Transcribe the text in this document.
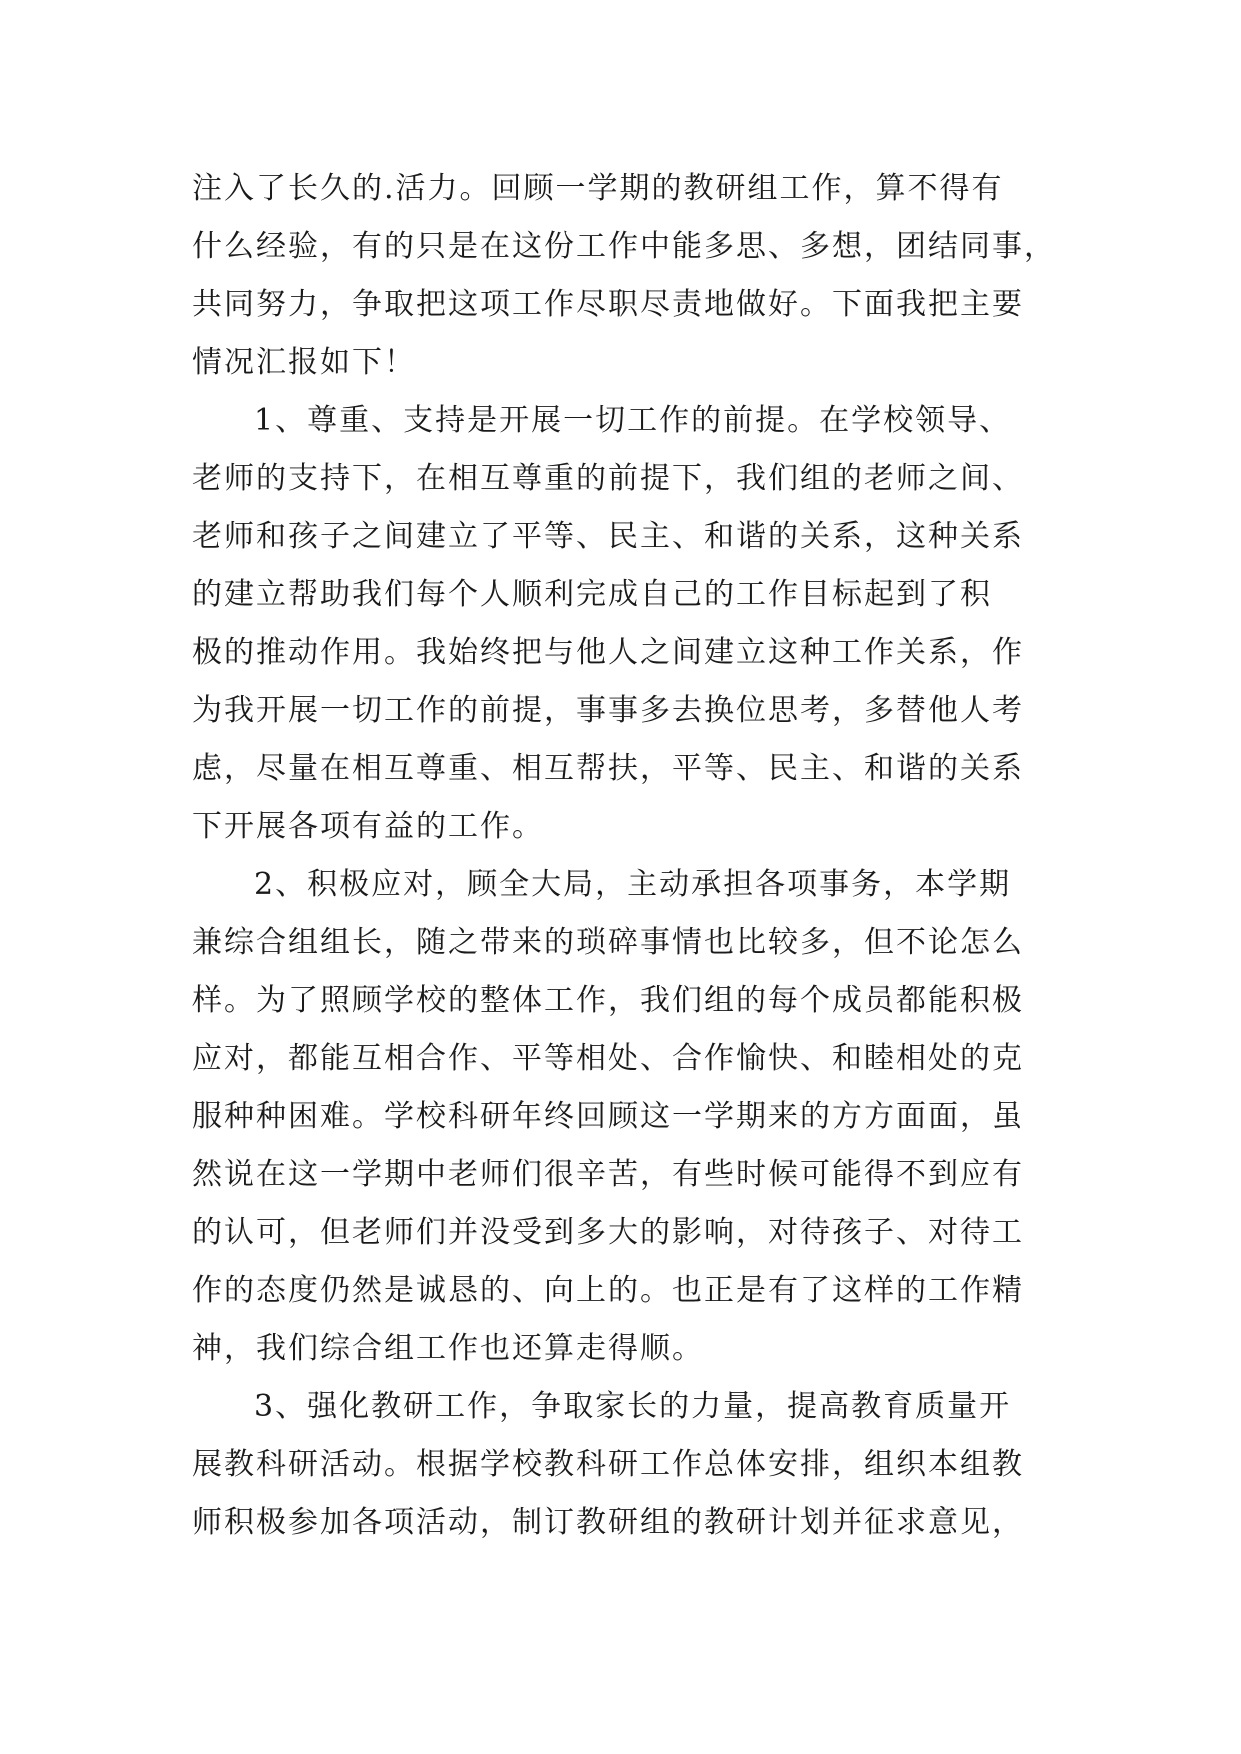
注入了长久的.活力。回顾一学期的教研组工作，算不得有
什么经验，有的只是在这份工作中能多思、多想，团结同事，
共同努力，争取把这项工作尽职尽责地做好。下面我把主要
情况汇报如下！
1、尊重、支持是开展一切工作的前提。在学校领导、
老师的支持下，在相互尊重的前提下，我们组的老师之间、
老师和孩子之间建立了平等、民主、和谐的关系，这种关系
的建立帮助我们每个人顺利完成自己的工作目标起到了积
极的推动作用。我始终把与他人之间建立这种工作关系，作
为我开展一切工作的前提，事事多去换位思考，多替他人考
虑，尽量在相互尊重、相互帮扶，平等、民主、和谐的关系
下开展各项有益的工作。
2、积极应对，顾全大局，主动承担各项事务，本学期
兼综合组组长，随之带来的琐碎事情也比较多，但不论怎么
样。为了照顾学校的整体工作，我们组的每个成员都能积极
应对，都能互相合作、平等相处、合作愉快、和睦相处的克
服种种困难。学校科研年终回顾这一学期来的方方面面，虽
然说在这一学期中老师们很辛苦，有些时候可能得不到应有
的认可，但老师们并没受到多大的影响，对待孩子、对待工
作的态度仍然是诚恳的、向上的。也正是有了这样的工作精
神，我们综合组工作也还算走得顺。
3、强化教研工作，争取家长的力量，提高教育质量开
展教科研活动。根据学校教科研工作总体安排，组织本组教
师积极参加各项活动，制订教研组的教研计划并征求意见，
